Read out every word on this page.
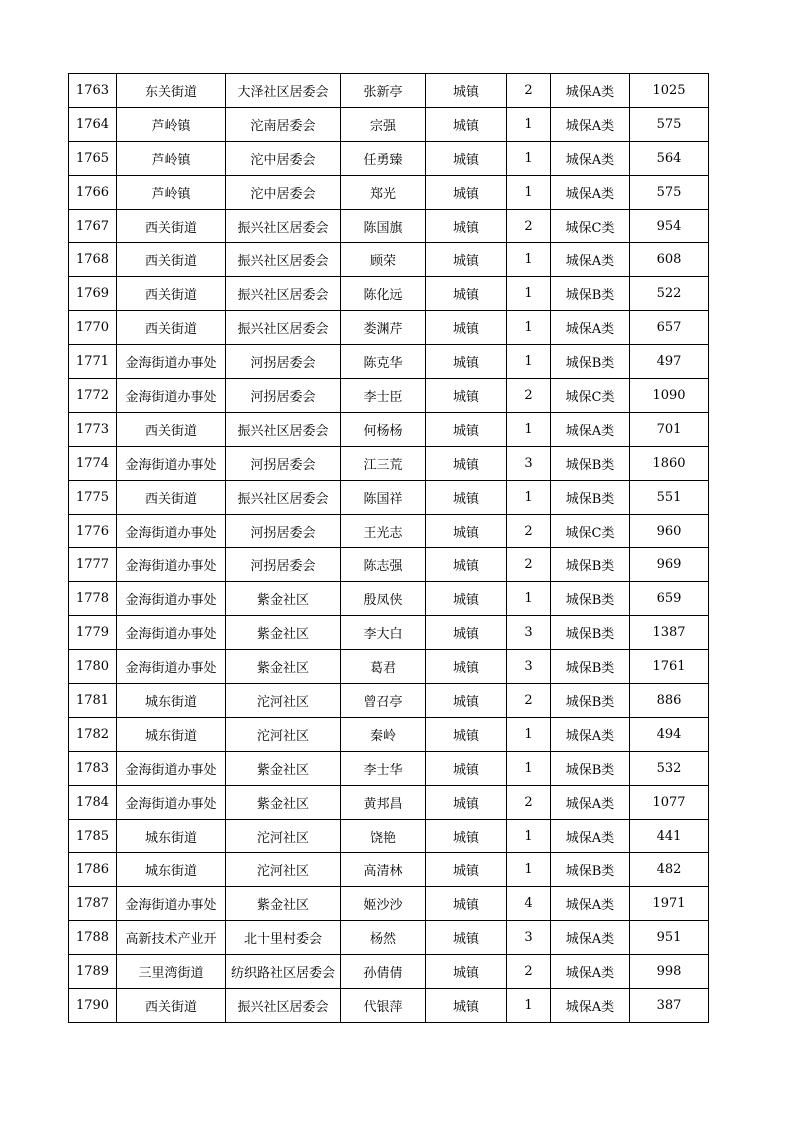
1763	东关街道	大泽社区居委会	张新亭	城镇	2	城保A类	1025
1764	芦岭镇	沱南居委会	宗强	城镇	1	城保A类	575
1765	芦岭镇	沱中居委会	任勇臻	城镇	1	城保A类	564
1766	芦岭镇	沱中居委会	郑光	城镇	1	城保A类	575
1767	西关街道	振兴社区居委会	陈国旗	城镇	2	城保C类	954
1768	西关街道	振兴社区居委会	顾荣	城镇	1	城保A类	608
1769	西关街道	振兴社区居委会	陈化远	城镇	1	城保B类	522
1770	西关街道	振兴社区居委会	娄渊芹	城镇	1	城保A类	657
1771	金海街道办事处	河拐居委会	陈克华	城镇	1	城保B类	497
1772	金海街道办事处	河拐居委会	李士臣	城镇	2	城保C类	1090
1773	西关街道	振兴社区居委会	何杨杨	城镇	1	城保A类	701
1774	金海街道办事处	河拐居委会	江三荒	城镇	3	城保B类	1860
1775	西关街道	振兴社区居委会	陈国祥	城镇	1	城保B类	551
1776	金海街道办事处	河拐居委会	王光志	城镇	2	城保C类	960
1777	金海街道办事处	河拐居委会	陈志强	城镇	2	城保B类	969
1778	金海街道办事处	紫金社区	殷凤侠	城镇	1	城保B类	659
1779	金海街道办事处	紫金社区	李大白	城镇	3	城保B类	1387
1780	金海街道办事处	紫金社区	葛君	城镇	3	城保B类	1761
1781	城东街道	沱河社区	曾召亭	城镇	2	城保B类	886
1782	城东街道	沱河社区	秦岭	城镇	1	城保A类	494
1783	金海街道办事处	紫金社区	李士华	城镇	1	城保B类	532
1784	金海街道办事处	紫金社区	黄邦昌	城镇	2	城保A类	1077
1785	城东街道	沱河社区	饶艳	城镇	1	城保A类	441
1786	城东街道	沱河社区	高清林	城镇	1	城保B类	482
1787	金海街道办事处	紫金社区	姬沙沙	城镇	4	城保A类	1971
1788	高新技术产业开	北十里村委会	杨然	城镇	3	城保A类	951
1789	三里湾街道	纺织路社区居委会	孙倩倩	城镇	2	城保A类	998
1790	西关街道	振兴社区居委会	代银萍	城镇	1	城保A类	387
